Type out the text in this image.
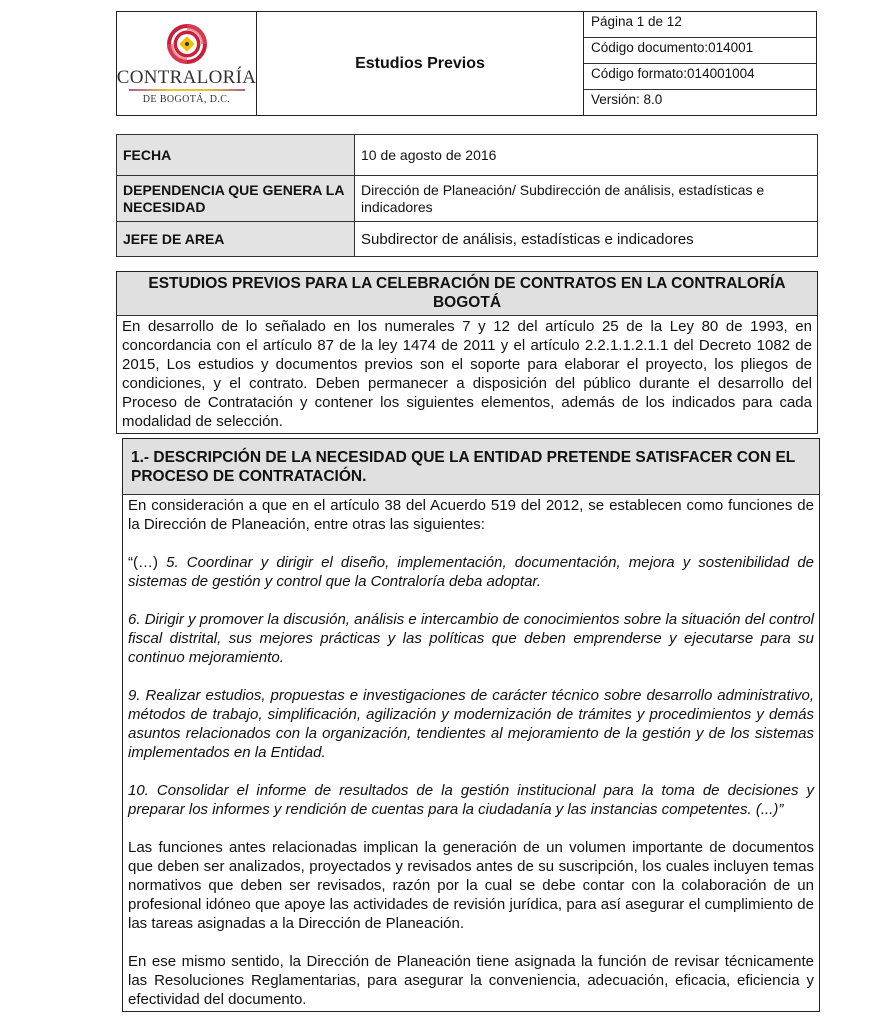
CONTRALORÍA
DE BOGOTÁ, D.C.
Estudios Previos
Página 1 de 12
Código documento:014001
Código formato:014001004
Versión: 8.0
FECHA	10 de agosto de 2016
DEPENDENCIA QUE GENERA LA NECESIDAD	Dirección de Planeación/ Subdirección de análisis, estadísticas e indicadores
JEFE DE AREA	Subdirector de análisis, estadísticas e indicadores
ESTUDIOS PREVIOS PARA LA CELEBRACIÓN DE CONTRATOS EN LA CONTRALORÍA BOGOTÁ
En desarrollo de lo señalado en los numerales 7 y 12 del artículo 25 de la Ley 80 de 1993, en concordancia con el artículo 87 de la ley 1474 de 2011 y el artículo 2.2.1.1.2.1.1 del Decreto 1082 de 2015, Los estudios y documentos previos son el soporte para elaborar el proyecto, los pliegos de condiciones, y el contrato. Deben permanecer a disposición del público durante el desarrollo del Proceso de Contratación y contener los siguientes elementos, además de los indicados para cada modalidad de selección.
1.- DESCRIPCIÓN DE LA NECESIDAD QUE LA ENTIDAD PRETENDE SATISFACER CON EL PROCESO DE CONTRATACIÓN.

En consideración a que en el artículo 38 del Acuerdo 519 del 2012, se establecen como funciones de la Dirección de Planeación, entre otras las siguientes:

“(…) 5. Coordinar y dirigir el diseño, implementación, documentación, mejora y sostenibilidad de sistemas de gestión y control que la Contraloría deba adoptar.

6. Dirigir y promover la discusión, análisis e intercambio de conocimientos sobre la situación del control fiscal distrital, sus mejores prácticas y las políticas que deben emprenderse y ejecutarse para su continuo mejoramiento.

9. Realizar estudios, propuestas e investigaciones de carácter técnico sobre desarrollo administrativo, métodos de trabajo, simplificación, agilización y modernización de trámites y procedimientos y demás asuntos relacionados con la organización, tendientes al mejoramiento de la gestión y de los sistemas implementados en la Entidad.

10. Consolidar el informe de resultados de la gestión institucional para la toma de decisiones y preparar los informes y rendición de cuentas para la ciudadanía y las instancias competentes. (...)”

Las funciones antes relacionadas implican la generación de un volumen importante de documentos que deben ser analizados, proyectados y revisados antes de su suscripción, los cuales incluyen temas normativos que deben ser revisados, razón por la cual se debe contar con la colaboración de un profesional idóneo que apoye las actividades de revisión jurídica, para así asegurar el cumplimiento de las tareas asignadas a la Dirección de Planeación.

En ese mismo sentido, la Dirección de Planeación tiene asignada la función de revisar técnicamente las Resoluciones Reglamentarias, para asegurar la conveniencia, adecuación, eficacia, eficiencia y efectividad del documento.
